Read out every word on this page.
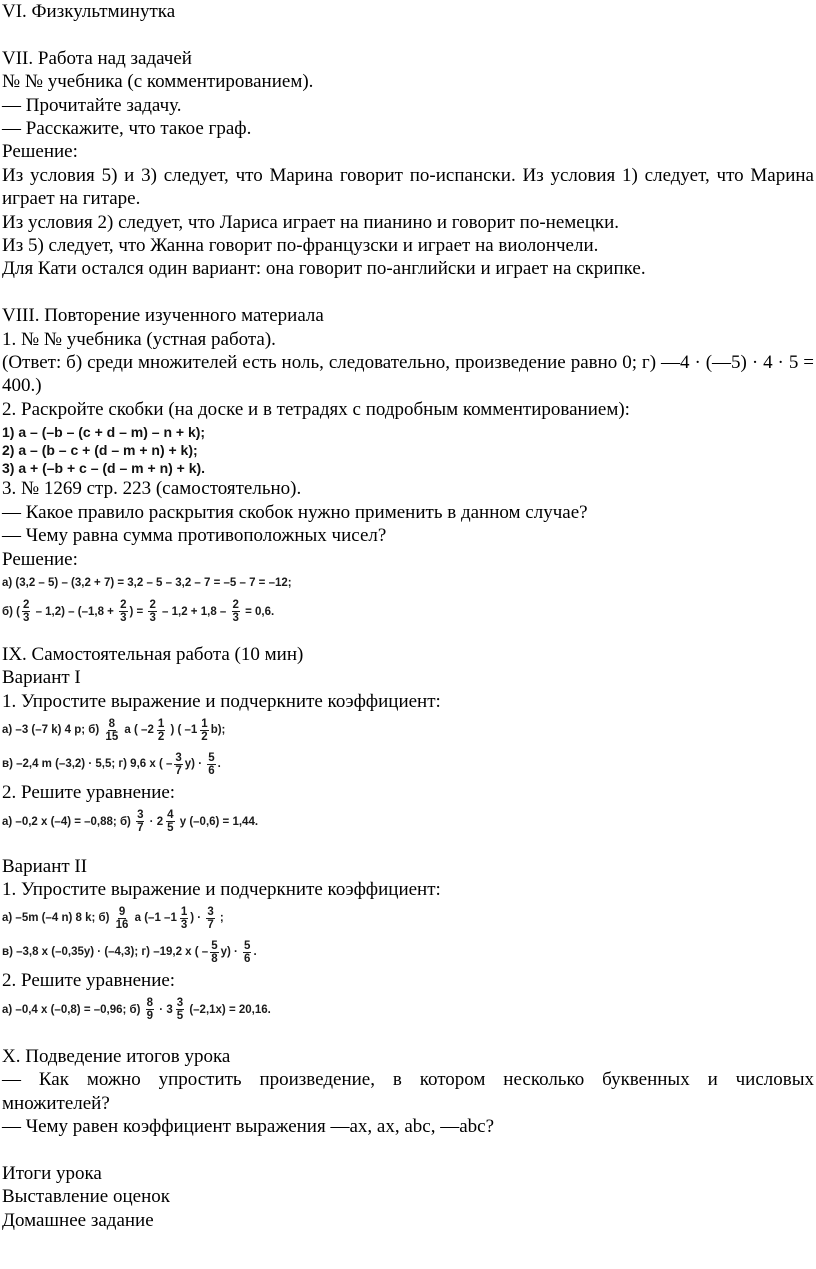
VI. Физкультминутка
VII. Работа над задачей
№ № учебника (с комментированием).
— Прочитайте задачу.
— Расскажите, что такое граф.
Решение:
Из условия 5) и 3) следует, что Марина говорит по-испански. Из условия 1) следует, что Марина играет на гитаре.
Из условия 2) следует, что Лариса играет на пианино и говорит по-немецки.
Из 5) следует, что Жанна говорит по-французски и играет на виолончели.
Для Кати остался один вариант: она говорит по-английски и играет на скрипке.
VIII. Повторение изученного материала
1. № № учебника (устная работа).
(Ответ: б) среди множителей есть ноль, следовательно, произведение равно 0; г) —4 · (—5) · 4 · 5 = 400.)
2. Раскройте скобки (на доске и в тетрадях с подробным комментированием):
1) a – (–b – (c + d – m) – n + k);
2) a – (b – c + (d – m + n) + k);
3) a + (–b + c – (d – m + n) + k).
3. № 1269 стр. 223 (самостоятельно).
— Какое правило раскрытия скобок нужно применить в данном случае?
— Чему равна сумма противоположных чисел?
Решение:
а) (3,2 – 5) – (3,2 + 7) = 3,2 – 5 – 3,2 – 7 = –5 – 7 = –12;
б) ( $\frac{2}{3} - 1,2) - (-1,8 + \frac{2}{3}$ ) = $\frac{2}{3} - 1,2 + 1,8 - \frac{2}{3} = 0,6$.
IX. Самостоятельная работа (10 мин)
Вариант I
1. Упростите выражение и подчеркните коэффициент:
а) –3 (–7 k) 4 p; $б) \frac{8}{15}$ a ( – $2 \frac{1}{2}$ ) ( – $1 \frac{1}{2} b$);
в) –2,4 m (–3,2) · 5,5; г) 9,6 x ( – $\frac{3}{7} y) \cdot \frac{5}{6}$ .
2. Решите уравнение:
а) –0,2 x (–4) = –0,88; $б) \frac{3}{7} \cdot 2 \frac{4}{5}$ y (–0,6) = 1,44.
Вариант II
1. Упростите выражение и подчеркните коэффициент:
а) –5m (–4 n) 8 k; $б) \frac{9}{16}$ a ($-1 - 1 \frac{1}{3}$ ) · $\frac{3}{7}$ ;
в) –3,8 x (–0,35y) · (–4,3); г) –19,2 x ( – $\frac{5}{8} y) \cdot \frac{5}{6}$ .
2. Решите уравнение:
а) –0,4 x (–0,8) = –0,96; $б) \frac{8}{9} \cdot 3 \frac{3}{5} (-2,1x) = 20,16$.
X. Подведение итогов урока
— Как можно упростить произведение, в котором несколько буквенных и числовых множителей?
— Чему равен коэффициент выражения —ax, ax, abc, —abc?
Итоги урока
Выставление оценок
Домашнее задание
